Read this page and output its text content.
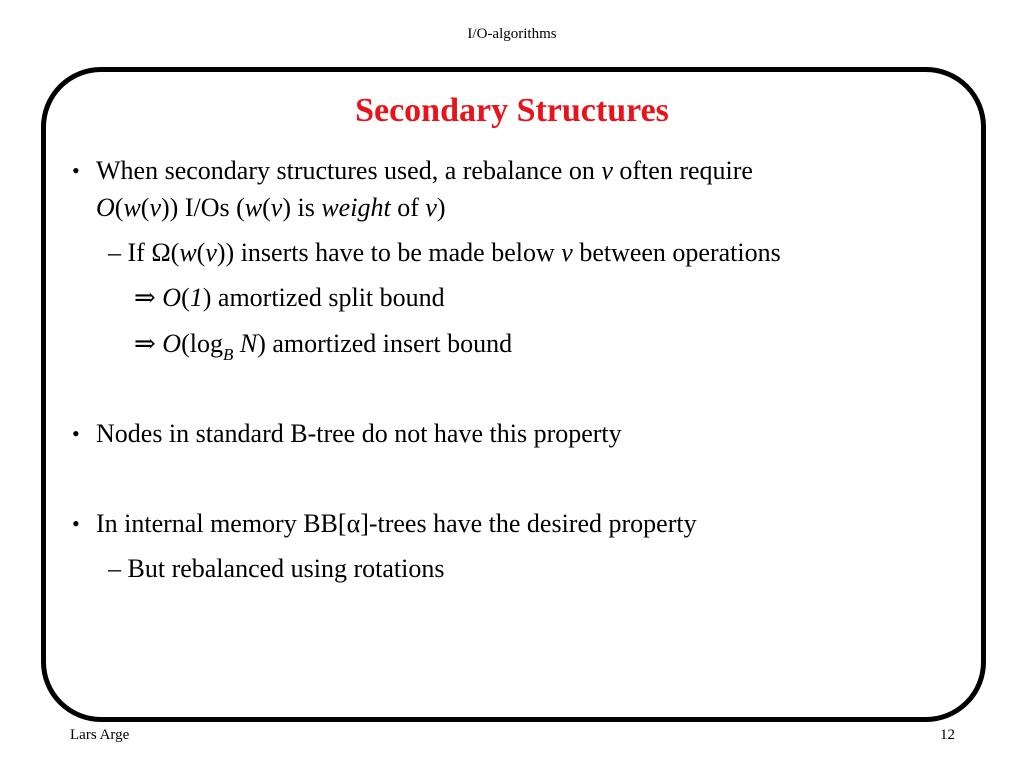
I/O-algorithms
Secondary Structures
• When secondary structures used, a rebalance on v often require
O(w(v)) I/Os (w(v) is weight of v)
– If Ω(w(v)) inserts have to be made below v between operations
⇒ O(1) amortized split bound
⇒ $O(\log_B$ N) amortized insert bound
• Nodes in standard B-tree do not have this property
• In internal memory BB[α]-trees have the desired property
– But rebalanced using rotations
Lars Arge	12
